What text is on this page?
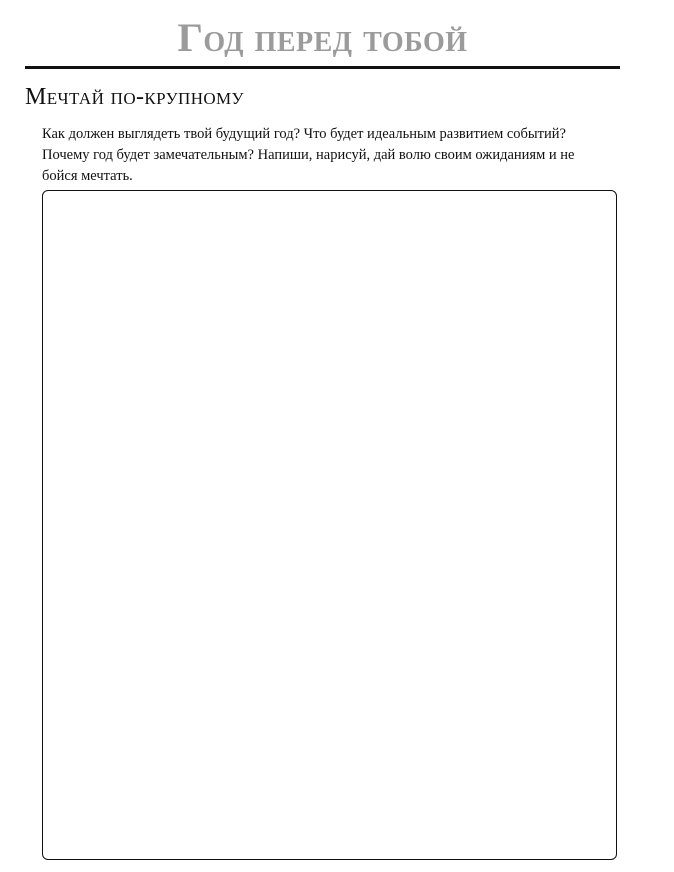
Год перед тобой
Мечтай по-крупному

Как должен выглядеть твой будущий год? Что будет идеальным развитием событий?
Почему год будет замечательным? Напиши, нарисуй, дай волю своим ожиданиям и не
бойся мечтать.
